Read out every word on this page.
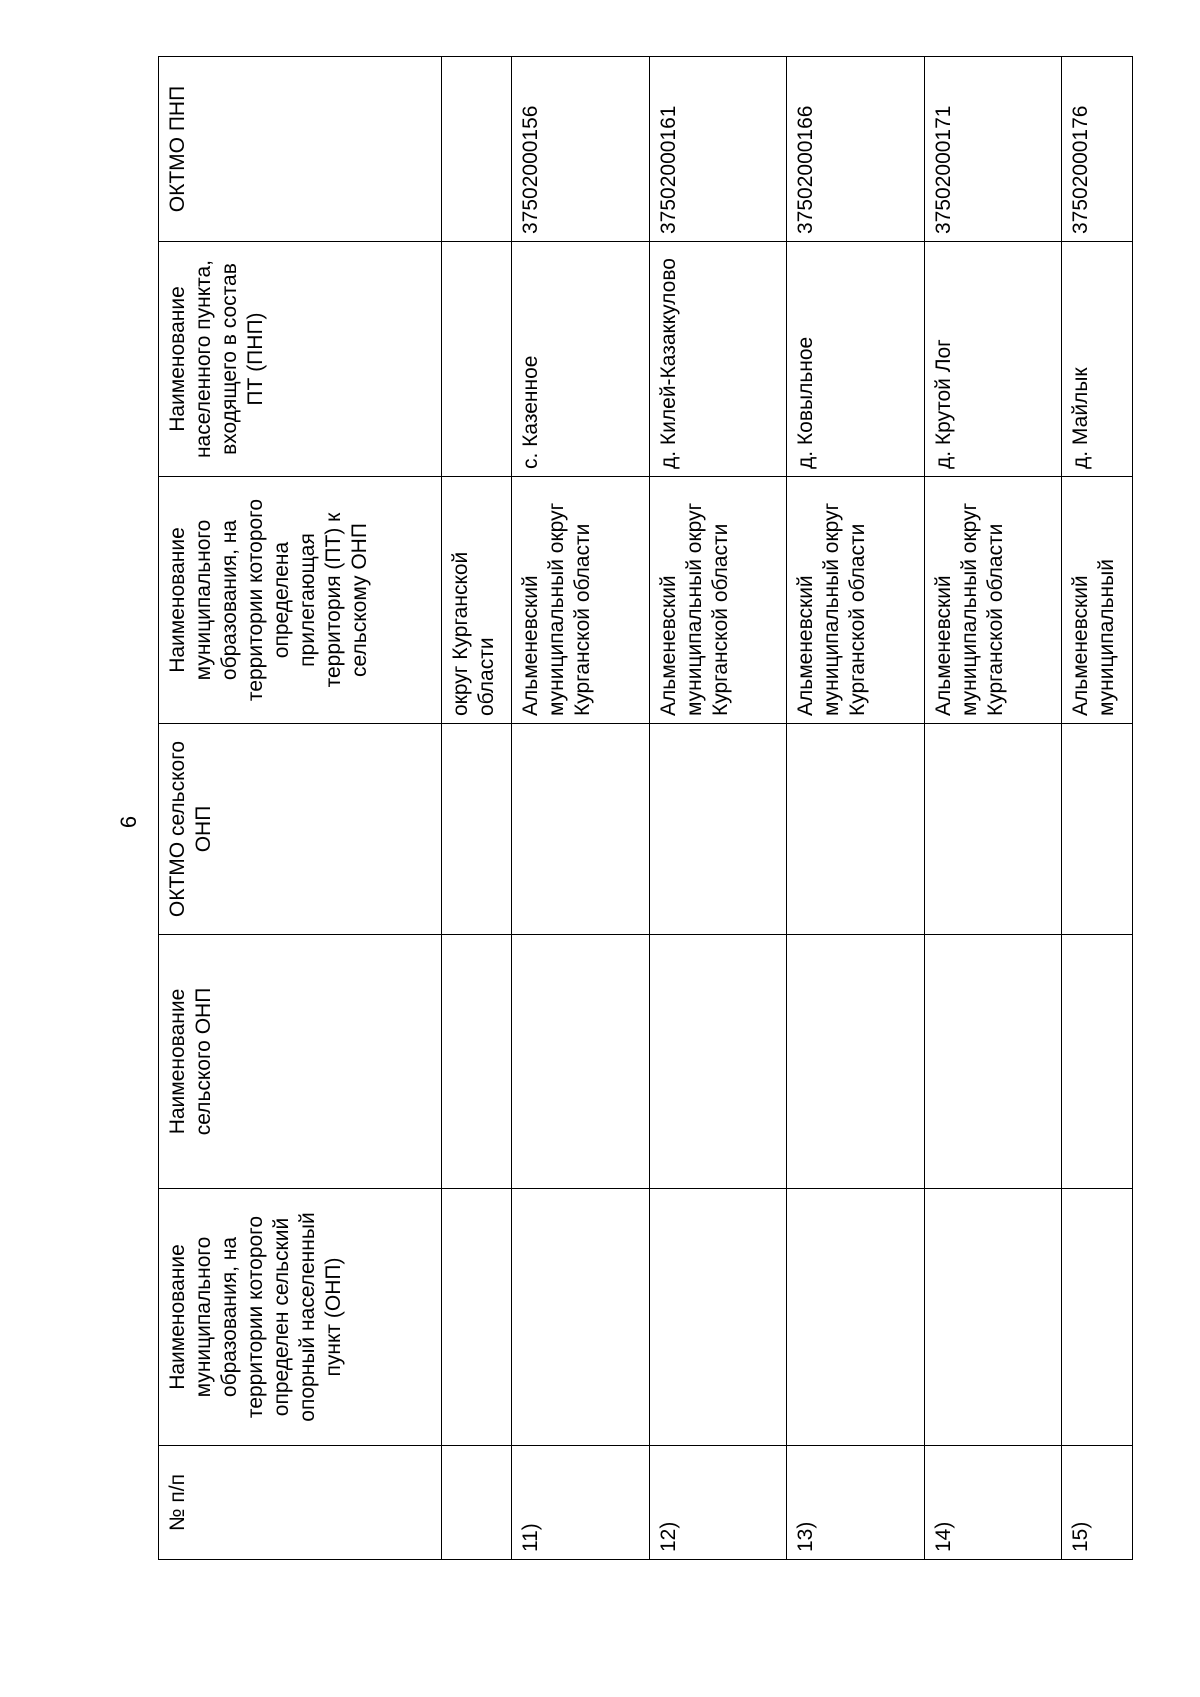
6
№ п/п	Наименование муниципального образования, на территории которого определен сельский опорный населенный пункт (ОНП)	Наименование сельского ОНП	ОКТМО сельского ОНП	Наименование муниципального образования, на территории которого определена прилегающая территория (ПТ) к сельскому ОНП	Наименование населенного пункта, входящего в состав ПТ (ПНП)	ОКТМО ПНП
				округ Курганской области		
11)				Альменевский муниципальный округ Курганской области	с. Казенное	37502000156
12)				Альменевский муниципальный округ Курганской области	д. Килей-Казаккулово	37502000161
13)				Альменевский муниципальный округ Курганской области	д. Ковыльное	37502000166
14)				Альменевский муниципальный округ Курганской области	д. Крутой Лог	37502000171
15)				Альменевский муниципальный	д. Майлык	37502000176
